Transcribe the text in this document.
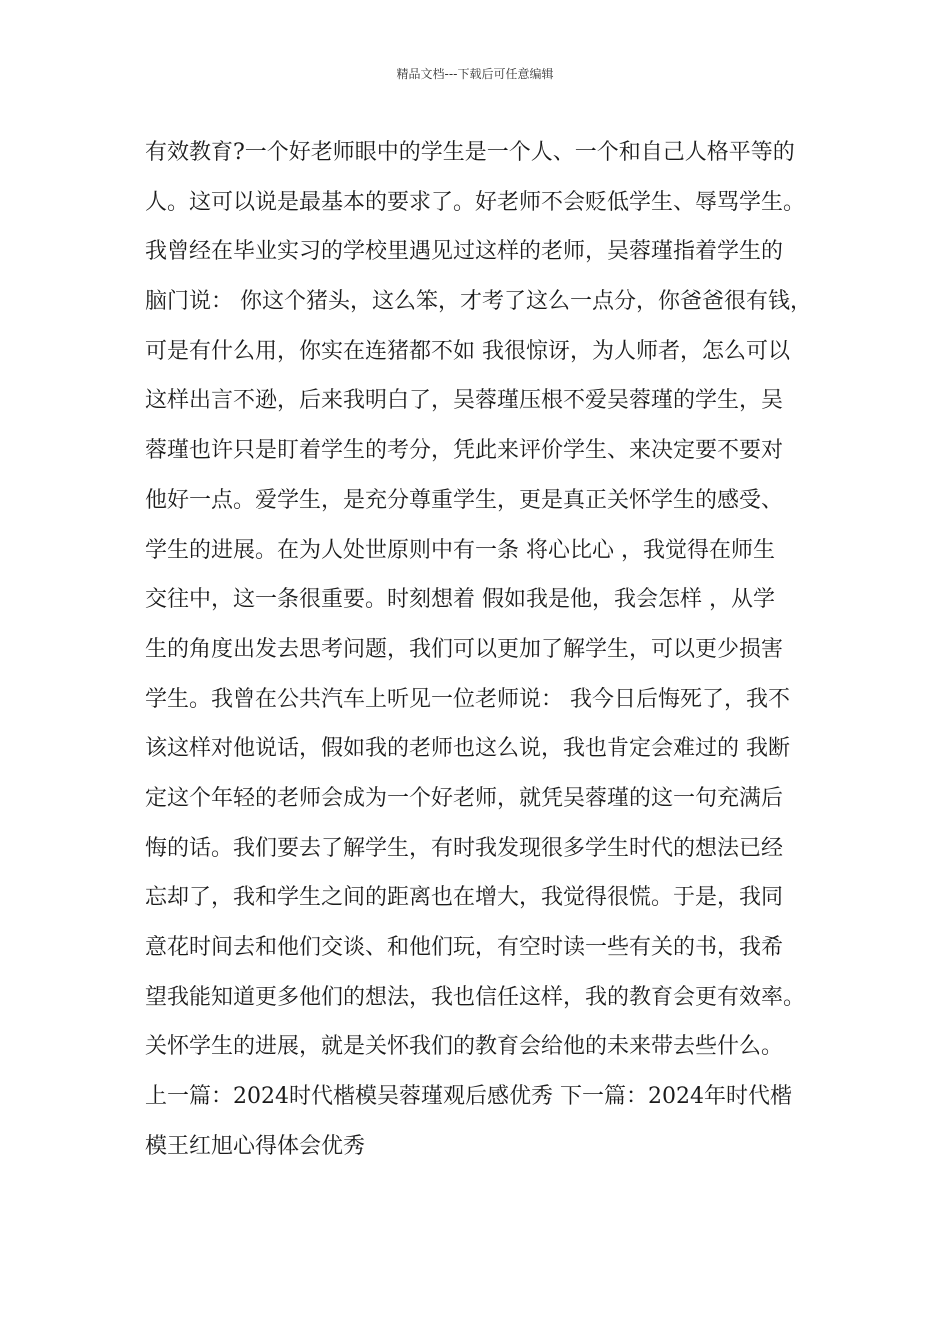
精品文档---下载后可任意编辑
有效教育?一个好老师眼中的学生是一个人、一个和自己人格平等的
人。这可以说是最基本的要求了。好老师不会贬低学生、辱骂学生。
我曾经在毕业实习的学校里遇见过这样的老师，吴蓉瑾指着学生的
脑门说： 你这个猪头，这么笨，才考了这么一点分，你爸爸很有钱，
可是有什么用，你实在连猪都不如 我很惊讶，为人师者，怎么可以
这样出言不逊，后来我明白了，吴蓉瑾压根不爱吴蓉瑾的学生，吴
蓉瑾也许只是盯着学生的考分，凭此来评价学生、来决定要不要对
他好一点。爱学生，是充分尊重学生，更是真正关怀学生的感受、
学生的进展。在为人处世原则中有一条 将心比心 ，我觉得在师生
交往中，这一条很重要。时刻想着 假如我是他，我会怎样 ，从学
生的角度出发去思考问题，我们可以更加了解学生，可以更少损害
学生。我曾在公共汽车上听见一位老师说： 我今日后悔死了，我不
该这样对他说话，假如我的老师也这么说，我也肯定会难过的 我断
定这个年轻的老师会成为一个好老师，就凭吴蓉瑾的这一句充满后
悔的话。我们要去了解学生，有时我发现很多学生时代的想法已经
忘却了，我和学生之间的距离也在增大，我觉得很慌。于是，我同
意花时间去和他们交谈、和他们玩，有空时读一些有关的书，我希
望我能知道更多他们的想法，我也信任这样，我的教育会更有效率。
关怀学生的进展，就是关怀我们的教育会给他的未来带去些什么。
上一篇：2024时代楷模吴蓉瑾观后感优秀 下一篇：2024年时代楷
模王红旭心得体会优秀
